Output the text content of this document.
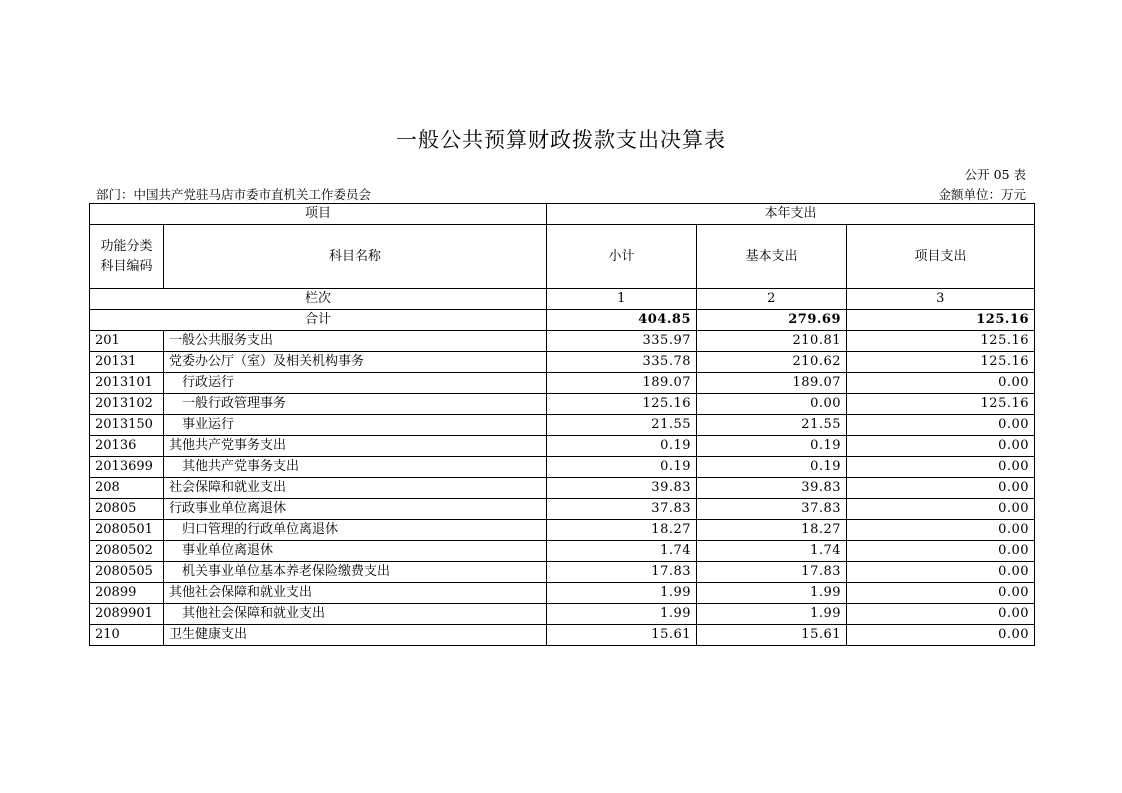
一般公共预算财政拨款支出决算表
公开 05 表
部门：中国共产党驻马店市委市直机关工作委员会	金额单位：万元
项目		本年支出		
功能分类
科目编码	科目名称	小计	基本支出	项目支出
栏次		1	2	3
合计		404.85	279.69	125.16
201	一般公共服务支出	335.97	210.81	125.16
20131	党委办公厅（室）及相关机构事务	335.78	210.62	125.16
2013101	　行政运行	189.07	189.07	0.00
2013102	　一般行政管理事务	125.16	0.00	125.16
2013150	　事业运行	21.55	21.55	0.00
20136	其他共产党事务支出	0.19	0.19	0.00
2013699	　其他共产党事务支出	0.19	0.19	0.00
208	社会保障和就业支出	39.83	39.83	0.00
20805	行政事业单位离退休	37.83	37.83	0.00
2080501	　归口管理的行政单位离退休	18.27	18.27	0.00
2080502	　事业单位离退休	1.74	1.74	0.00
2080505	　机关事业单位基本养老保险缴费支出	17.83	17.83	0.00
20899	其他社会保障和就业支出	1.99	1.99	0.00
2089901	　其他社会保障和就业支出	1.99	1.99	0.00
210	卫生健康支出	15.61	15.61	0.00
